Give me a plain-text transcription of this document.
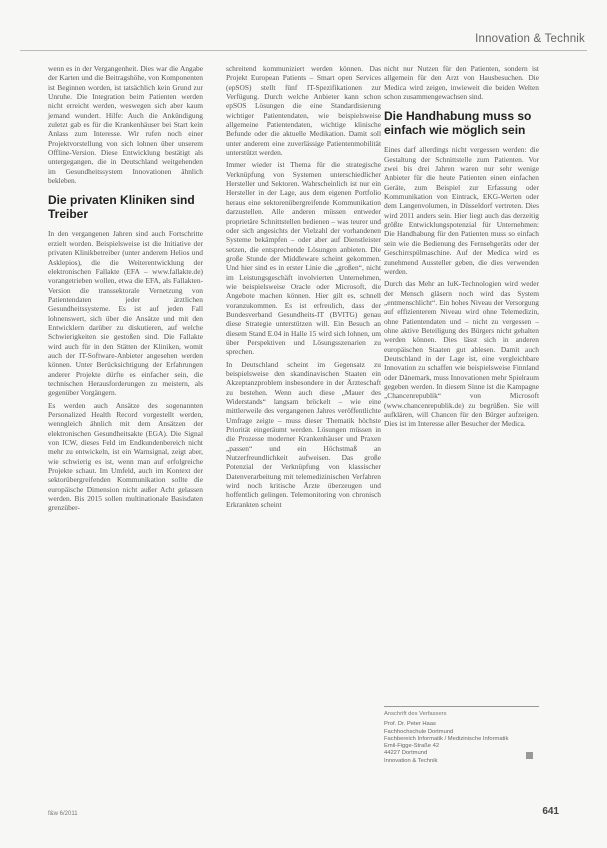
Innovation & Technik

wenn es in der Vergangenheit. Dies war die Angabe der Karten und die Beitragshöhe, von Komponenten ist Beginnen worden, ist tatsächlich kein Grund zur Unruhe. Die Integration beim Patienten werden nicht erreicht werden, weswegen sich aber kaum jemand wundert. Hilfe: Auch die Ankündigung zuletzt gab es für die Krankenhäuser bei Start kein Anlass zum Interesse. Wir rufen noch einer Projektvorstellung von sich lohnen über unserem Offline-Version. Diese Entwicklung bestätigt als untergegangen, die in Deutschland weitgehenden im Gesundheitssystem Innovationen ähnlich bekleben.

Die privaten Kliniken sind Treiber

In den vergangenen Jahren sind auch Fortschritte erzielt worden. Beispielsweise ist die Initiative der privaten Klinikbetreiber (unter anderem Helios und Asklepios), die die Weiterentwicklung der elektronischen Fallakte (EFA – www.fallakte.de) vorangetrieben wollen, etwa die EFA, als Fallakten-Version die transsektorale Vernetzung von Patientendaten jeder ärztlichen Gesundheitssysteme. Es ist auf jeden Fall lohnenswert, sich über die Ansätze und mit den Entwicklern darüber zu diskutieren, auf welche Schwierigkeiten sie gestoßen sind. Die Fallakte wird auch für in den Stätten der Kliniken, womit auch der IT-Software-Anbieter angesehen werden können. Unter Berücksichtigung der Erfahrungen anderer Projekte dürfte es einfacher sein, die technischen Herausforderungen zu meistern, als gegenüber Vorgängern.

Es werden auch Ansätze des sogenannten Personalized Health Record vorgestellt werden, wenngleich ähnlich mit dem Ansätzen der elektronischen Gesundheitsakte (EGA). Die Signal von ICW, dieses Feld im Endkundenbereich nicht mehr zu entwickeln, ist ein Warnsignal, zeigt aber, wie schwierig es ist, wenn man auf erfolgreiche Projekte schaut. Im Umfeld, auch im Kontext der sektorübergreifenden Kommunikation sollte die europäische Dimension nicht außer Acht gelassen werden. Bis 2015 sollen multinationale Basisdaten grenzüber-

schreitend kommuniziert werden können. Das Projekt European Patients – Smart open Services (epSOS) stellt fünf IT-Spezifikationen zur Verfügung. Durch welche Anbieter kann schon epSOS Lösungen die eine Standardisierung wichtiger Patientendaten, wie beispielsweise allgemeine Patientendaten, wichtige klinische Befunde oder die aktuelle Medikation. Damit soll unter anderem eine zuverlässige Patientenmobilität unterstützt werden.

Immer wieder ist Thema für die strategische Verknüpfung von Systemen unterschiedlicher Hersteller und Sektoren. Wahrscheinlich ist nur ein Hersteller in der Lage, aus dem eigenen Portfolio heraus eine sektorenübergreifende Kommunikation darzustellen. Alle anderen müssen entweder proprietäre Schnittstellen bedienen – was teurer und oder sich angesichts der Vielzahl der vorhandenen Systeme bekämpfen – oder aber auf Dienstleister setzen, die entsprechende Lösungen anbieten. Die große Stunde der Middleware scheint gekommen. Und hier sind es in erster Linie die „großen“, nicht im Leistungsgeschäft involvierten Unternehmen, wie beispielsweise Oracle oder Microsoft, die Angebote machen können. Hier gilt es, schnell voranzukommen. Es ist erfreulich, dass der Bundesverband Gesundheits-IT (BVITG) genau diese Strategie unterstützen will. Ein Besuch an diesem Stand E.04 in Halle 15 wird sich lohnen, um über Perspektiven und Lösungsszenarien zu sprechen.

In Deutschland scheint im Gegensatz zu beispielsweise den skandinavischen Staaten ein Akzeptanzproblem insbesondere in der Ärzteschaft zu bestehen. Wenn auch diese „Mauer des Widerstands“ langsam bröckelt – wie eine mittlerweile des vergangenen Jahres veröffentlichte Umfrage zeigte – muss dieser Thematik höchste Priorität eingeräumt werden. Lösungen müssen in die Prozesse moderner Krankenhäuser und Praxen „passen“ und ein Höchstmaß an Nutzerfreundlichkeit aufweisen. Das große Potenzial der Verknüpfung von klassischer Datenverarbeitung mit telemedizinischen Verfahren wird noch kritische Ärzte überzeugen und hoffentlich gelingen. Telemonitoring von chronisch Erkrankten scheint

nicht nur Nutzen für den Patienten, sondern ist allgemein für den Arzt von Hausbesuchen. Die Medica wird zeigen, inwieweit die beiden Welten schon zusammengewachsen sind.

Die Handhabung muss so einfach wie möglich sein

Eines darf allerdings nicht vergessen werden: die Gestaltung der Schnittstelle zum Patienten. Vor zwei bis drei Jahren waren nur sehr wenige Anbieter für die heute Patienten einen einfachen Geräte, zum Beispiel zur Erfassung oder Kommunikation von Eintrack, EKG-Werten oder dem Langenvolumen, in Düsseldorf vertreten. Dies wird 2011 anders sein. Hier liegt auch das derzeitig größte Entwicklungspotenzial für Unternehmen: Die Handhabung für den Patienten muss so einfach sein wie die Bedienung des Fernsehgeräts oder der Geschirrspülmaschine. Auf der Medica wird es zunehmend Aussteller geben, die dies verwenden werden.

Durch das Mehr an IuK-Technologien wird weder der Mensch gläsern noch wird das System „entmenschlicht“. Ein hohes Niveau der Versorgung auf effizienterem Niveau wird ohne Telemedizin, ohne Patientendaten und – nicht zu vergessen – ohne aktive Beteiligung des Bürgers nicht gehalten werden können. Dies lässt sich in anderen europäischen Staaten gut ablesen. Damit auch Deutschland in der Lage ist, eine vergleichbare Innovation zu schaffen wie beispielsweise Finnland oder Dänemark, muss Innovationen mehr Spielraum gegeben werden. In diesem Sinne ist die Kampagne „Chancenrepublik“ von Microsoft (www.chancenrepublik.de) zu begrüßen. Sie will aufklären, will Chancen für den Bürger aufzeigen. Dies ist im Interesse aller Besucher der Medica.

Anschrift des Verfassers
Prof. Dr. Peter Haas
Fachhochschule Dortmund
Fachbereich Informatik / Medizinische Informatik
Emil-Figge-Straße 42
44227 Dortmund
Innovation & Technik
f&w 6/2011	641
